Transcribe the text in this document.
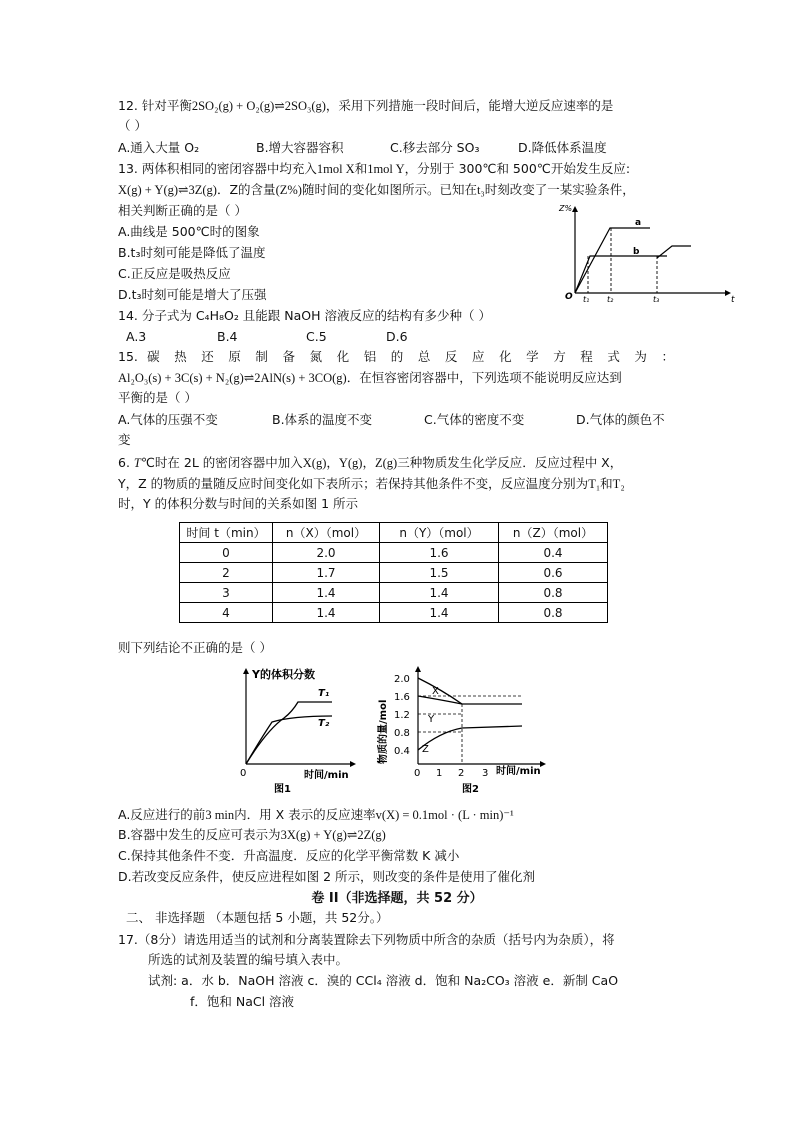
12. 针对平衡2SO₂(g) + O₂(g)⇌2SO₃(g)，采用下列措施一段时间后，能增大逆反应速率的是
（ ）
A.通入大量 O₂	B.增大容器容积	C.移去部分 SO₃	D.降低体系温度
13. 两体积相同的密闭容器中均充入1mol X和1mol Y，分别于 300℃和 500℃开始发生反应:
X(g) + Y(g)⇌3Z(g)．Z的含量(Z%)随时间的变化如图所示。已知在t₃时刻改变了一某实验条件，
相关判断正确的是（ ）
A.曲线是 500℃时的图象
B.t₃时刻可能是降低了温度
C.正反应是吸热反应
D.t₃时刻可能是增大了压强
Z%
O
a
b
t₁ t₂	t₃	t
14. 分子式为 C₄H₈O₂ 且能跟 NaOH 溶液反应的结构有多少种（ ）
A.3	B.4	C.5	D.6
15. 碳 热 还 原 制 备 氮 化 铝 的 总 反 应 化 学 方 程 式 为 ：
Al₂O₃(s) + 3C(s) + N₂(g)⇌2AlN(s) + 3CO(g)．在恒容密闭容器中，下列选项不能说明反应达到
平衡的是（ ）
A.气体的压强不变	B.体系的温度不变	C.气体的密度不变	D.气体的颜色不
变
6. T℃时在 2L 的密闭容器中加入X(g)，Y(g)，Z(g)三种物质发生化学反应．反应过程中 X，
Y，Z 的物质的量随反应时间变化如下表所示；若保持其他条件不变，反应温度分别为T₁和T₂
时，Y 的体积分数与时间的关系如图 1 所示
时间 t（min）	n（X）（mol）	n（Y）（mol）	n（Z）（mol）
0	2.0	1.6	0.4
2	1.7	1.5	0.6
3	1.4	1.4	0.8
4	1.4	1.4	0.8
则下列结论不正确的是（ ）
Y的体积分数
T₁
T₂
0	时间/min
图1
物质的量/mol
2.0
1.6
1.2
0.8
0.4
X
Y
Z
0 1 2 3 时间/min
图2
A.反应进行的前3 min内．用 X 表示的反应速率v(X) = 0.1mol · (L · min)⁻¹
B.容器中发生的反应可表示为3X(g) + Y(g)⇌2Z(g)
C.保持其他条件不变．升高温度．反应的化学平衡常数 K 减小
D.若改变反应条件，使反应进程如图 2 所示，则改变的条件是使用了催化剂
卷 II（非选择题，共 52 分）
二、 非选择题 （本题包括 5 小题，共 52分。）
17.（8分）请选用适当的试剂和分离装置除去下列物质中所含的杂质（括号内为杂质），将
所选的试剂及装置的编号填入表中。
试剂: a．水 b．NaOH 溶液 c．溴的 CCl₄ 溶液 d．饱和 Na₂CO₃ 溶液 e．新制 CaO
f．饱和 NaCl 溶液
